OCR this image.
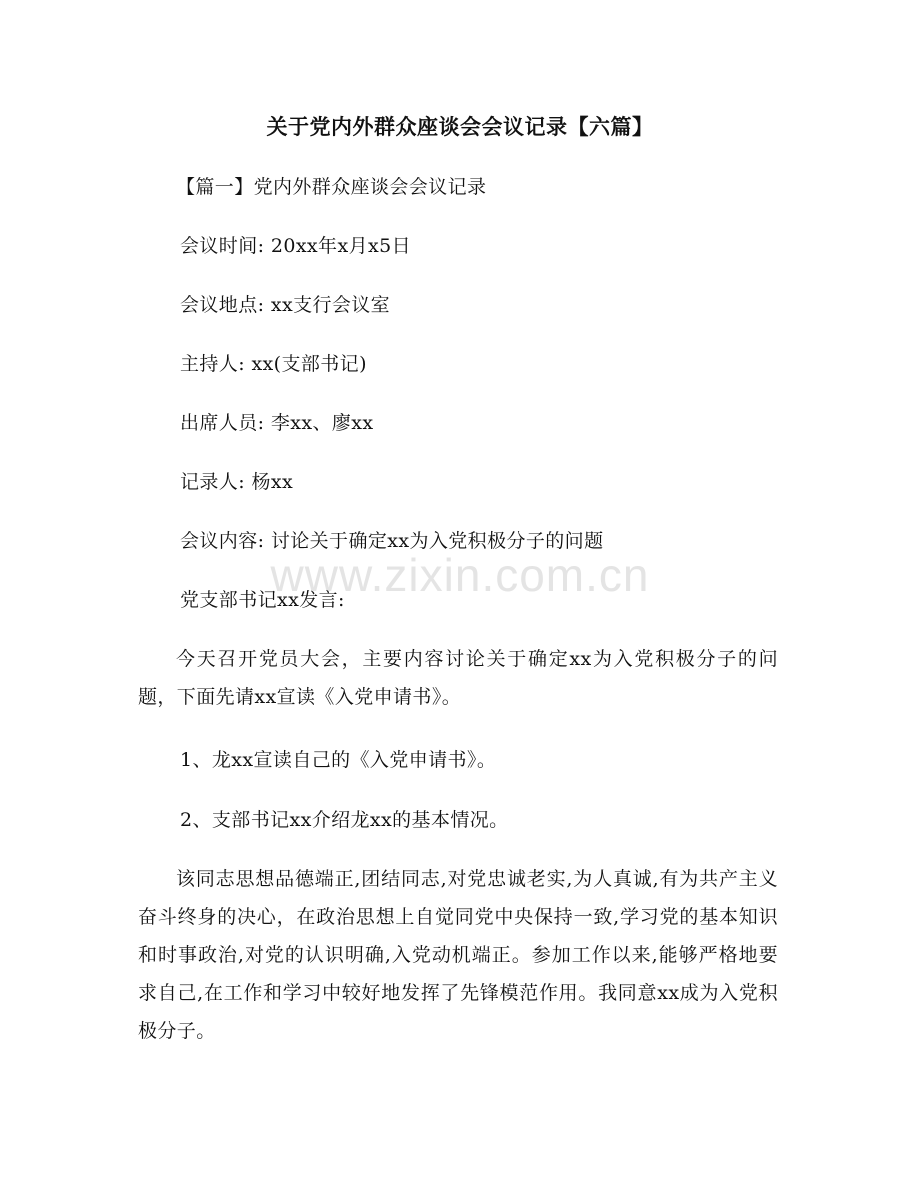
www.zixin.com.cn

关于党内外群众座谈会会议记录【六篇】

【篇一】党内外群众座谈会会议记录

会议时间: 20xx年x月x5日

会议地点: xx支行会议室

主持人: xx(支部书记)

出席人员: 李xx、廖xx

记录人: 杨xx

会议内容: 讨论关于确定xx为入党积极分子的问题

党支部书记xx发言:

今天召开党员大会，主要内容讨论关于确定xx为入党积极分子的问题，下面先请xx宣读《入党申请书》。

1、龙xx宣读自己的《入党申请书》。

2、支部书记xx介绍龙xx的基本情况。

该同志思想品德端正,团结同志,对党忠诚老实,为人真诚,有为共产主义奋斗终身的决心，在政治思想上自觉同党中央保持一致,学习党的基本知识和时事政治,对党的认识明确,入党动机端正。参加工作以来,能够严格地要求自己,在工作和学习中较好地发挥了先锋模范作用。我同意xx成为入党积极分子。
